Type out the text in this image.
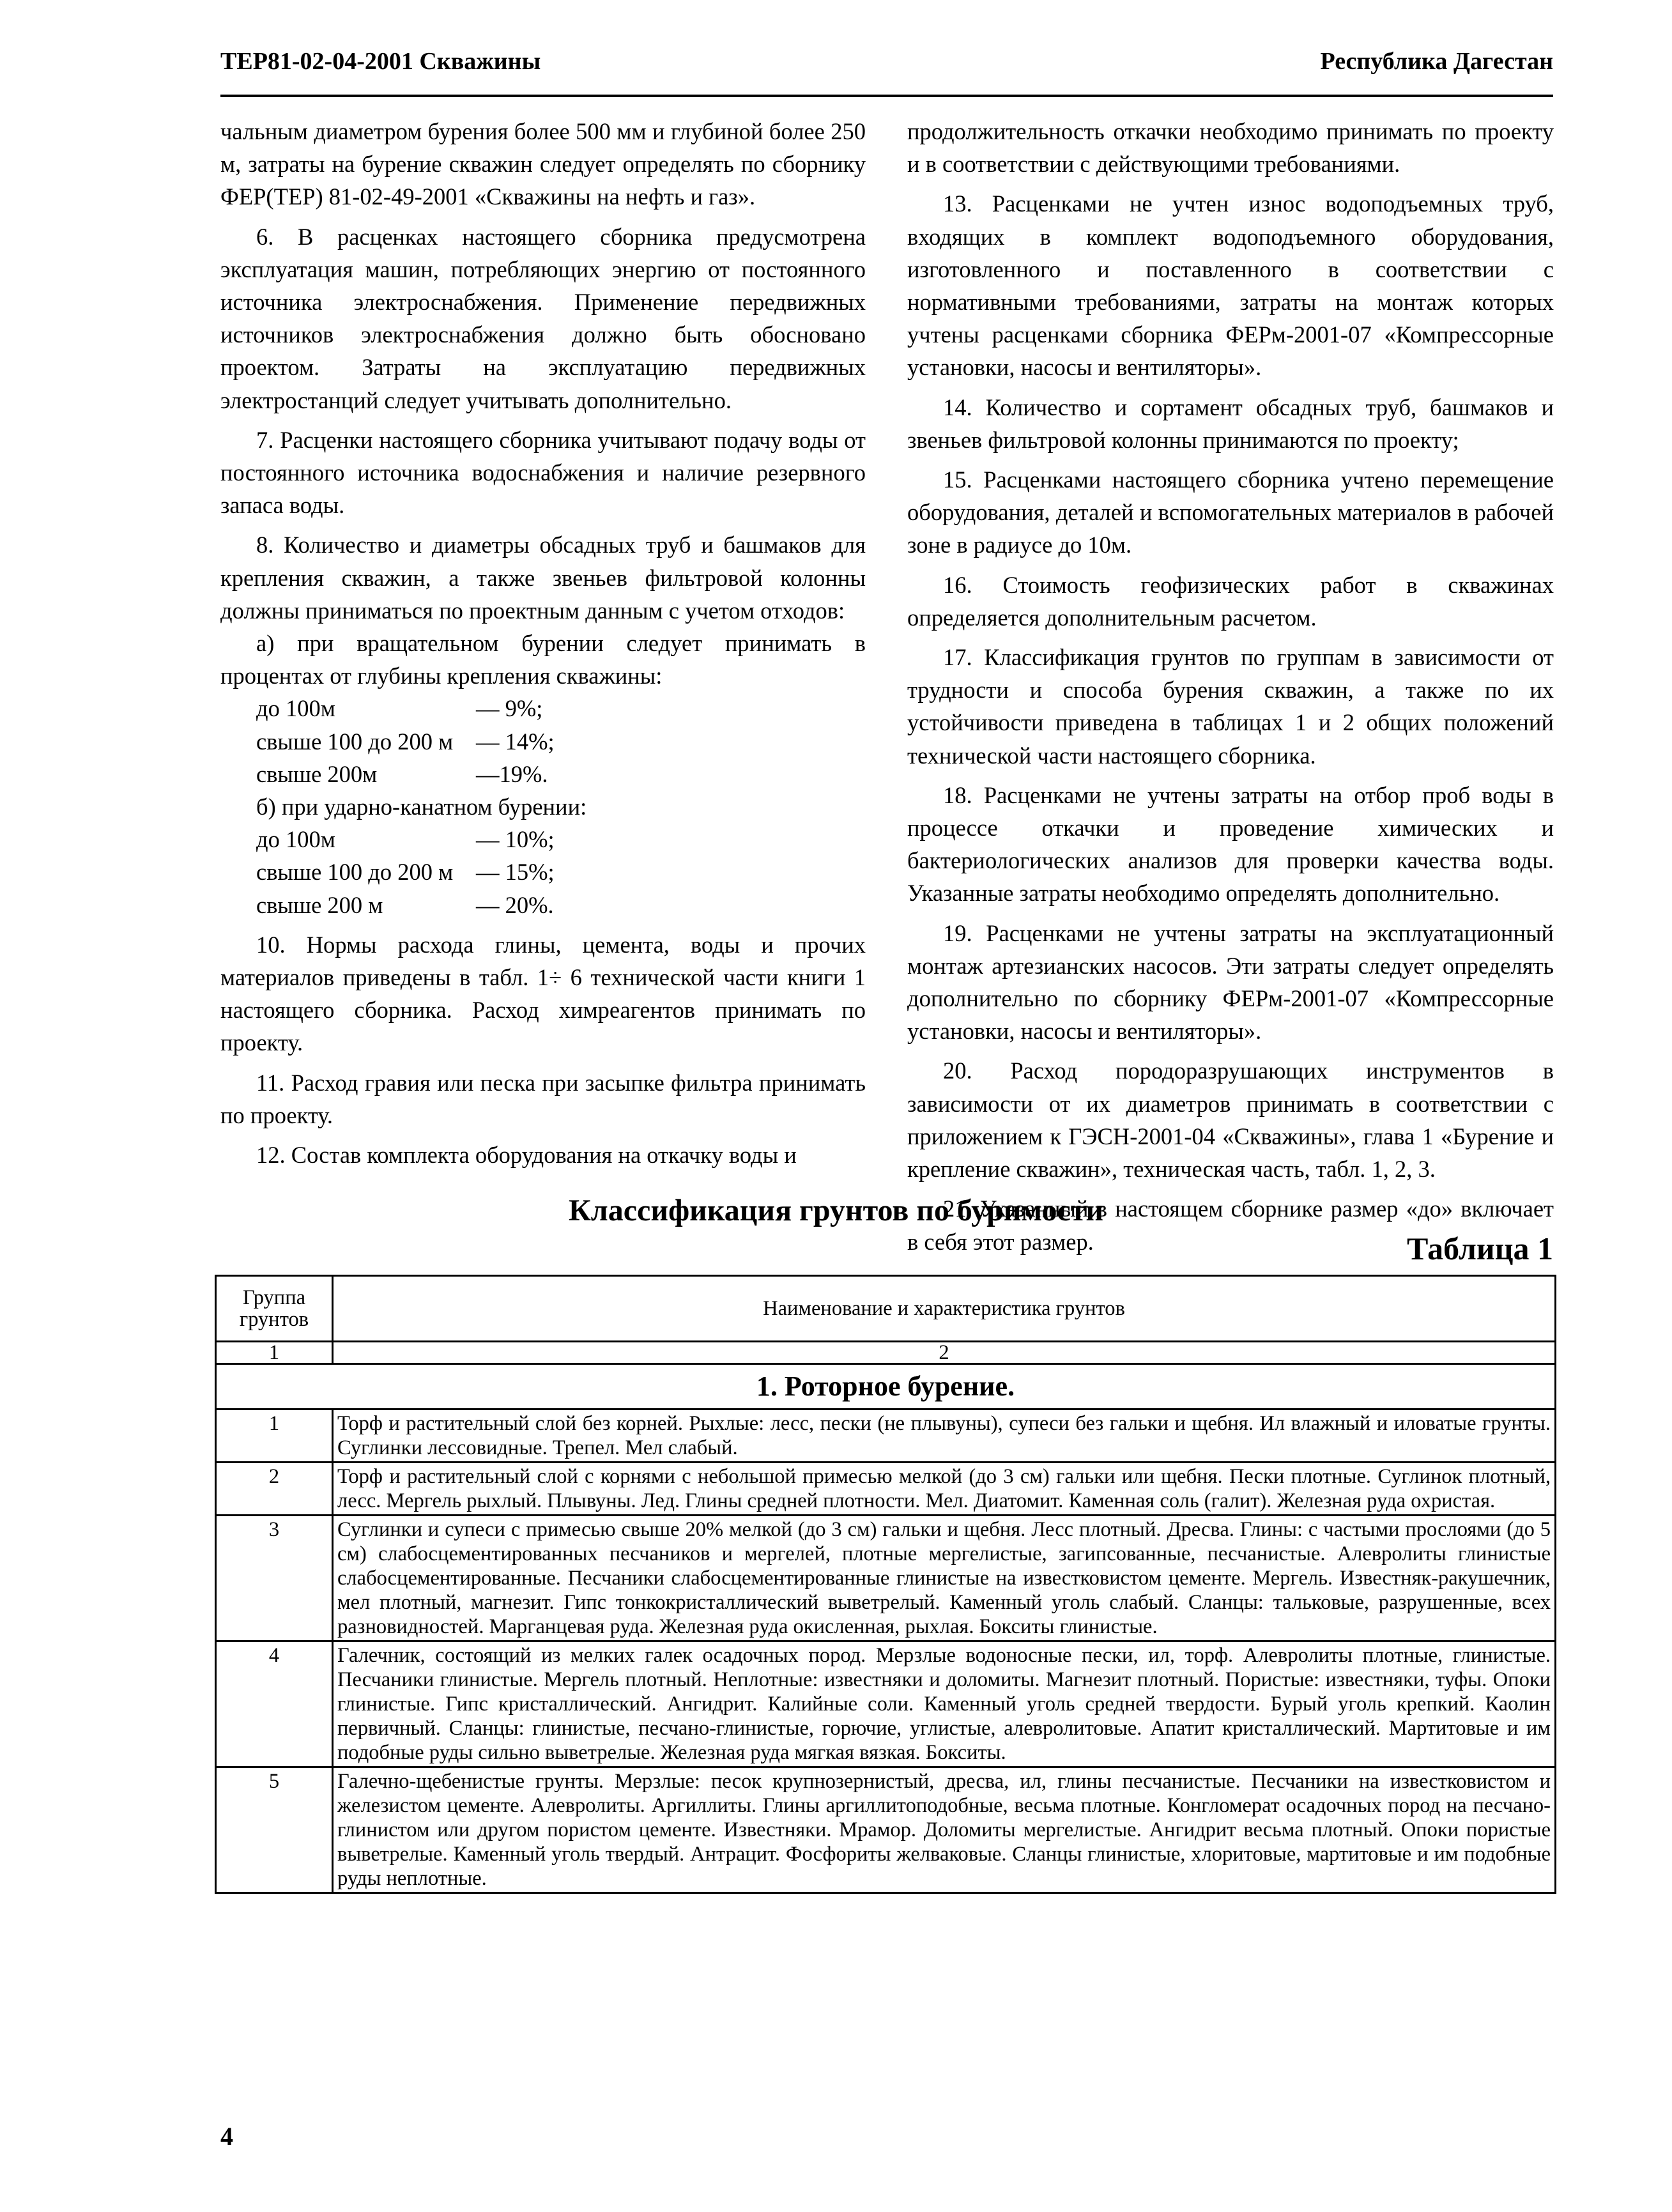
ТЕР81-02-04-2001 Скважины	Республика Дагестан

чальным диаметром бурения более 500 мм и глубиной более 250 м, затраты на бурение скважин следует определять по сборнику ФЕР(ТЕР) 81-02-49-2001 «Скважины на нефть и газ».

6. В расценках настоящего сборника предусмотрена эксплуатация машин, потребляющих энергию от постоянного источника электроснабжения. Применение передвижных источников электроснабжения должно быть обосновано проектом. Затраты на эксплуатацию передвижных электростанций следует учитывать дополнительно.

7. Расценки настоящего сборника учитывают подачу воды от постоянного источника водоснабжения и наличие резервного запаса воды.

8. Количество и диаметры обсадных труб и башмаков для крепления скважин, а также звеньев фильтровой колонны должны приниматься по проектным данным с учетом отходов:

а) при вращательном бурении следует принимать в процентах от глубины крепления скважины:

до 100м	— 9%;
свыше 100 до 200 м — 14%;
свыше 200м	—19%.

б) при ударно-канатном бурении:

до 100м	— 10%;
свыше 100 до 200 м — 15%;
свыше 200 м	— 20%.

10. Нормы расхода глины, цемента, воды и прочих материалов приведены в табл. 1÷ 6 технической части книги 1 настоящего сборника. Расход химреагентов принимать по проекту.

11. Расход гравия или песка при засыпке фильтра принимать по проекту.

12. Состав комплекта оборудования на откачку воды и

продолжительность откачки необходимо принимать по проекту и в соответствии с действующими требованиями.

13. Расценками не учтен износ водоподъемных труб, входящих в комплект водоподъемного оборудования, изготовленного и поставленного в соответствии с нормативными требованиями, затраты на монтаж которых учтены расценками сборника ФЕРм-2001-07 «Компрессорные установки, насосы и вентиляторы».

14. Количество и сортамент обсадных труб, башмаков и звеньев фильтровой колонны принимаются по проекту;

15. Расценками настоящего сборника учтено перемещение оборудования, деталей и вспомогательных материалов в рабочей зоне в радиусе до 10м.

16. Стоимость геофизических работ в скважинах определяется дополнительным расчетом.

17. Классификация грунтов по группам в зависимости от трудности и способа бурения скважин, а также по их устойчивости приведена в таблицах 1 и 2 общих положений технической части настоящего сборника.

18. Расценками не учтены затраты на отбор проб воды в процессе откачки и проведение химических и бактериологических анализов для проверки качества воды. Указанные затраты необходимо определять дополнительно.

19. Расценками не учтены затраты на эксплуатационный монтаж артезианских насосов. Эти затраты следует определять дополнительно по сборнику ФЕРм-2001-07 «Компрессорные установки, насосы и вентиляторы».

20. Расход породоразрушающих инструментов в зависимости от их диаметров принимать в соответствии с приложением к ГЭСН-2001-04 «Скважины», глава 1 «Бурение и крепление скважин», техническая часть, табл. 1, 2, 3.

21. Указанный в настоящем сборнике размер «до» включает в себя этот размер.

Классификация грунтов по буримости
Таблица 1
Группа грунтов	Наименование и характеристика грунтов
1	2
1. Роторное бурение.	
1	Торф и растительный слой без корней. Рыхлые: лесс, пески (не плывуны), супеси без гальки и щебня. Ил влажный и иловатые грунты. Суглинки лессовидные. Трепел. Мел слабый.
2	Торф и растительный слой с корнями с небольшой примесью мелкой (до 3 см) гальки или щебня. Пески плотные. Суглинок плотный, лесс. Мергель рыхлый. Плывуны. Лед. Глины средней плотности. Мел. Диатомит. Каменная соль (галит). Железная руда охристая.
3	Суглинки и супеси с примесью свыше 20% мелкой (до 3 см) гальки и щебня. Лесс плотный. Дресва. Глины: с частыми прослоями (до 5 см) слабосцементированных песчаников и мергелей, плотные мергелистые, загипсованные, песчанистые. Алевролиты глинистые слабосцементированные. Песчаники слабосцементированные глинистые на известковистом цементе. Мергель. Известняк-ракушечник, мел плотный, магнезит. Гипс тонкокристаллический выветрелый. Каменный уголь слабый. Сланцы: тальковые, разрушенные, всех разновидностей. Марганцевая руда. Железная руда окисленная, рыхлая. Бокситы глинистые.
4	Галечник, состоящий из мелких галек осадочных пород. Мерзлые водоносные пески, ил, торф. Алевролиты плотные, глинистые. Песчаники глинистые. Мергель плотный. Неплотные: известняки и доломиты. Магнезит плотный. Пористые: известняки, туфы. Опоки глинистые. Гипс кристаллический. Ангидрит. Калийные соли. Каменный уголь средней твердости. Бурый уголь крепкий. Каолин первичный. Сланцы: глинистые, песчано-глинистые, горючие, углистые, алевролитовые. Апатит кристаллический. Мартитовые и им подобные руды сильно выветрелые. Железная руда мягкая вязкая. Бокситы.
5	Галечно-щебенистые грунты. Мерзлые: песок крупнозернистый, дресва, ил, глины песчанистые. Песчаники на известковистом и железистом цементе. Алевролиты. Аргиллиты. Глины аргиллитоподобные, весьма плотные. Конгломерат осадочных пород на песчано-глинистом или другом пористом цементе. Известняки. Мрамор. Доломиты мергелистые. Ангидрит весьма плотный. Опоки пористые выветрелые. Каменный уголь твердый. Антрацит. Фосфориты желваковые. Сланцы глинистые, хлоритовые, мартитовые и им подобные руды неплотные.
4
